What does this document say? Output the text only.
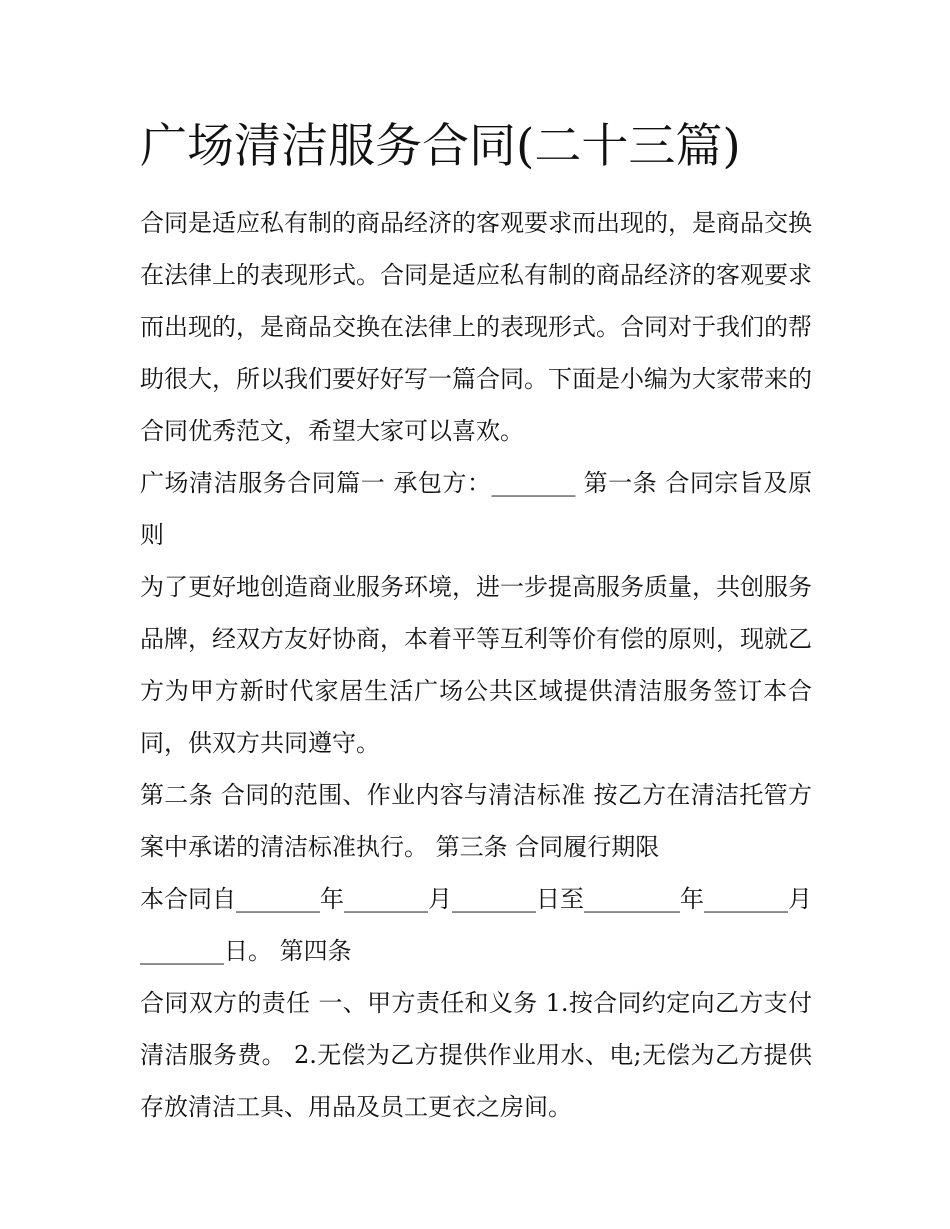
广场清洁服务合同(二十三篇)

合同是适应私有制的商品经济的客观要求而出现的，是商品交换在法律上的表现形式。合同是适应私有制的商品经济的客观要求而出现的，是商品交换在法律上的表现形式。合同对于我们的帮助很大，所以我们要好好写一篇合同。下面是小编为大家带来的合同优秀范文，希望大家可以喜欢。

广场清洁服务合同篇一 承包方：_______ 第一条 合同宗旨及原则

为了更好地创造商业服务环境，进一步提高服务质量，共创服务品牌，经双方友好协商，本着平等互利等价有偿的原则，现就乙方为甲方新时代家居生活广场公共区域提供清洁服务签订本合同，供双方共同遵守。

第二条 合同的范围、作业内容与清洁标准 按乙方在清洁托管方案中承诺的清洁标准执行。 第三条 合同履行期限

本合同自_______年_______月_______日至________年_______月_______日。 第四条

合同双方的责任 一、甲方责任和义务 1.按合同约定向乙方支付清洁服务费。 2.无偿为乙方提供作业用水、电;无偿为乙方提供存放清洁工具、用品及员工更衣之房间。
